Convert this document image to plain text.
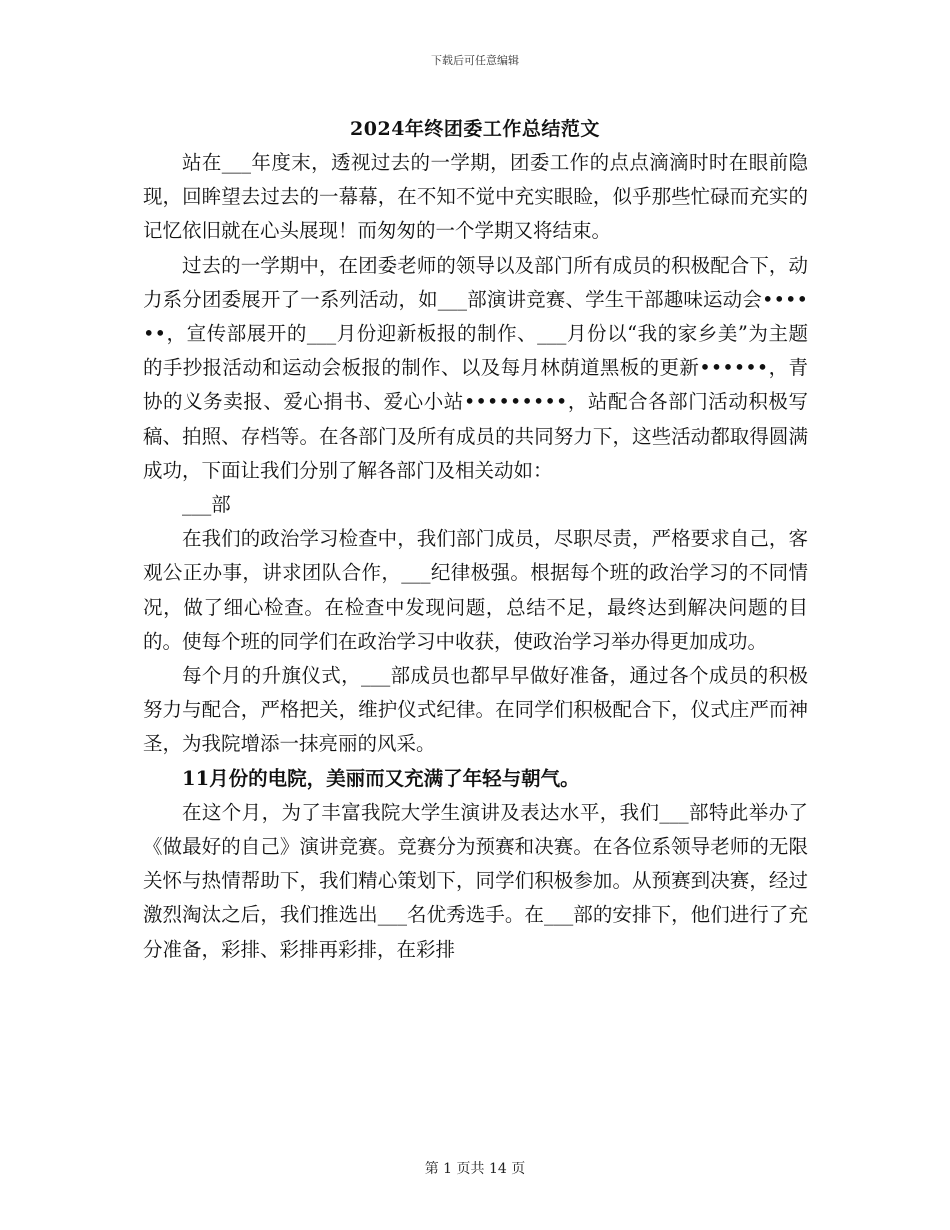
下载后可任意编辑
2024年终团委工作总结范文

站在___年度末，透视过去的一学期，团委工作的点点滴滴时时在眼前隐现，回眸望去过去的一幕幕，在不知不觉中充实眼睑，似乎那些忙碌而充实的记忆依旧就在心头展现！而匆匆的一个学期又将结束。

过去的一学期中，在团委老师的领导以及部门所有成员的积极配合下，动力系分团委展开了一系列活动，如___部演讲竞赛、学生干部趣味运动会••••••，宣传部展开的___月份迎新板报的制作、___月份以“我的家乡美”为主题的手抄报活动和运动会板报的制作、以及每月林荫道黑板的更新••••••，青协的义务卖报、爱心捐书、爱心小站•••••••••，站配合各部门活动积极写稿、拍照、存档等。在各部门及所有成员的共同努力下，这些活动都取得圆满成功，下面让我们分别了解各部门及相关动如：

___部

在我们的政治学习检查中，我们部门成员，尽职尽责，严格要求自己，客观公正办事，讲求团队合作，___纪律极强。根据每个班的政治学习的不同情况，做了细心检查。在检查中发现问题，总结不足，最终达到解决问题的目的。使每个班的同学们在政治学习中收获，使政治学习举办得更加成功。

每个月的升旗仪式，___部成员也都早早做好准备，通过各个成员的积极努力与配合，严格把关，维护仪式纪律。在同学们积极配合下，仪式庄严而神圣，为我院增添一抹亮丽的风采。

11月份的电院，美丽而又充满了年轻与朝气。

在这个月，为了丰富我院大学生演讲及表达水平，我们___部特此举办了《做最好的自己》演讲竞赛。竞赛分为预赛和决赛。在各位系领导老师的无限关怀与热情帮助下，我们精心策划下，同学们积极参加。从预赛到决赛，经过激烈淘汰之后，我们推选出___名优秀选手。在___部的安排下，他们进行了充分准备，彩排、彩排再彩排，在彩排

第 1 页共 14 页
